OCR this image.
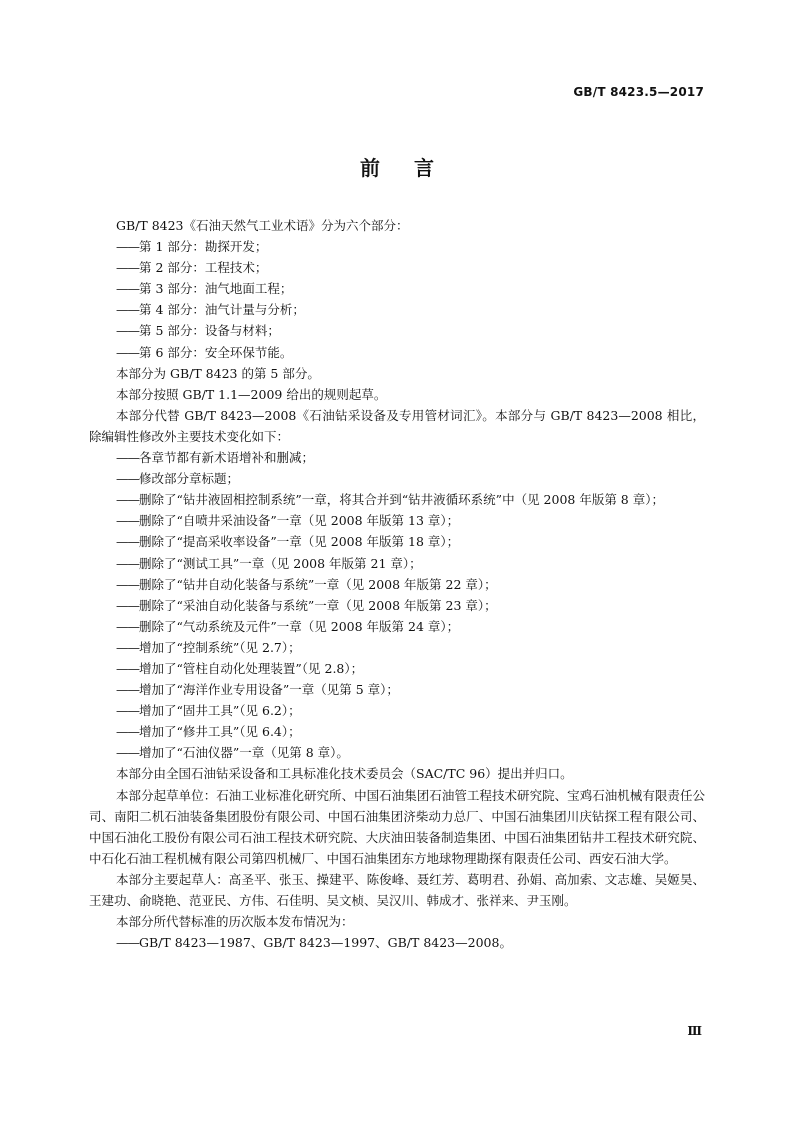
GB/T 8423.5—2017
前言

GB/T 8423《石油天然气工业术语》分为六个部分：

——第 1 部分：勘探开发；

——第 2 部分：工程技术；

——第 3 部分：油气地面工程；

——第 4 部分：油气计量与分析；

——第 5 部分：设备与材料；

——第 6 部分：安全环保节能。

本部分为 GB/T 8423 的第 5 部分。

本部分按照 GB/T 1.1—2009 给出的规则起草。

本部分代替 GB/T 8423—2008《石油钻采设备及专用管材词汇》。本部分与 GB/T 8423—2008 相比，除编辑性修改外主要技术变化如下：

——各章节都有新术语增补和删减；

——修改部分章标题；

——删除了“钻井液固相控制系统”一章，将其合并到“钻井液循环系统”中（见 2008 年版第 8 章）；

——删除了“自喷井采油设备”一章（见 2008 年版第 13 章）；

——删除了“提高采收率设备”一章（见 2008 年版第 18 章）；

——删除了“测试工具”一章（见 2008 年版第 21 章）；

——删除了“钻井自动化装备与系统”一章（见 2008 年版第 22 章）；

——删除了“采油自动化装备与系统”一章（见 2008 年版第 23 章）；

——删除了“气动系统及元件”一章（见 2008 年版第 24 章）；

——增加了“控制系统”（见 2.7）；

——增加了“管柱自动化处理装置”（见 2.8）；

——增加了“海洋作业专用设备”一章（见第 5 章）；

——增加了“固井工具”（见 6.2）；

——增加了“修井工具”（见 6.4）；

——增加了“石油仪器”一章（见第 8 章）。

本部分由全国石油钻采设备和工具标准化技术委员会（SAC/TC 96）提出并归口。

本部分起草单位：石油工业标准化研究所、中国石油集团石油管工程技术研究院、宝鸡石油机械有限责任公司、南阳二机石油装备集团股份有限公司、中国石油集团济柴动力总厂、中国石油集团川庆钻探工程有限公司、中国石油化工股份有限公司石油工程技术研究院、大庆油田装备制造集团、中国石油集团钻井工程技术研究院、中石化石油工程机械有限公司第四机械厂、中国石油集团东方地球物理勘探有限责任公司、西安石油大学。

本部分主要起草人：高圣平、张玉、操建平、陈俊峰、聂红芳、葛明君、孙娟、高加索、文志雄、吴姬昊、王建功、俞晓艳、范亚民、方伟、石佳明、吴文桢、吴汉川、韩成才、张祥来、尹玉刚。

本部分所代替标准的历次版本发布情况为：

——GB/T 8423—1987、GB/T 8423—1997、GB/T 8423—2008。

Ⅲ
